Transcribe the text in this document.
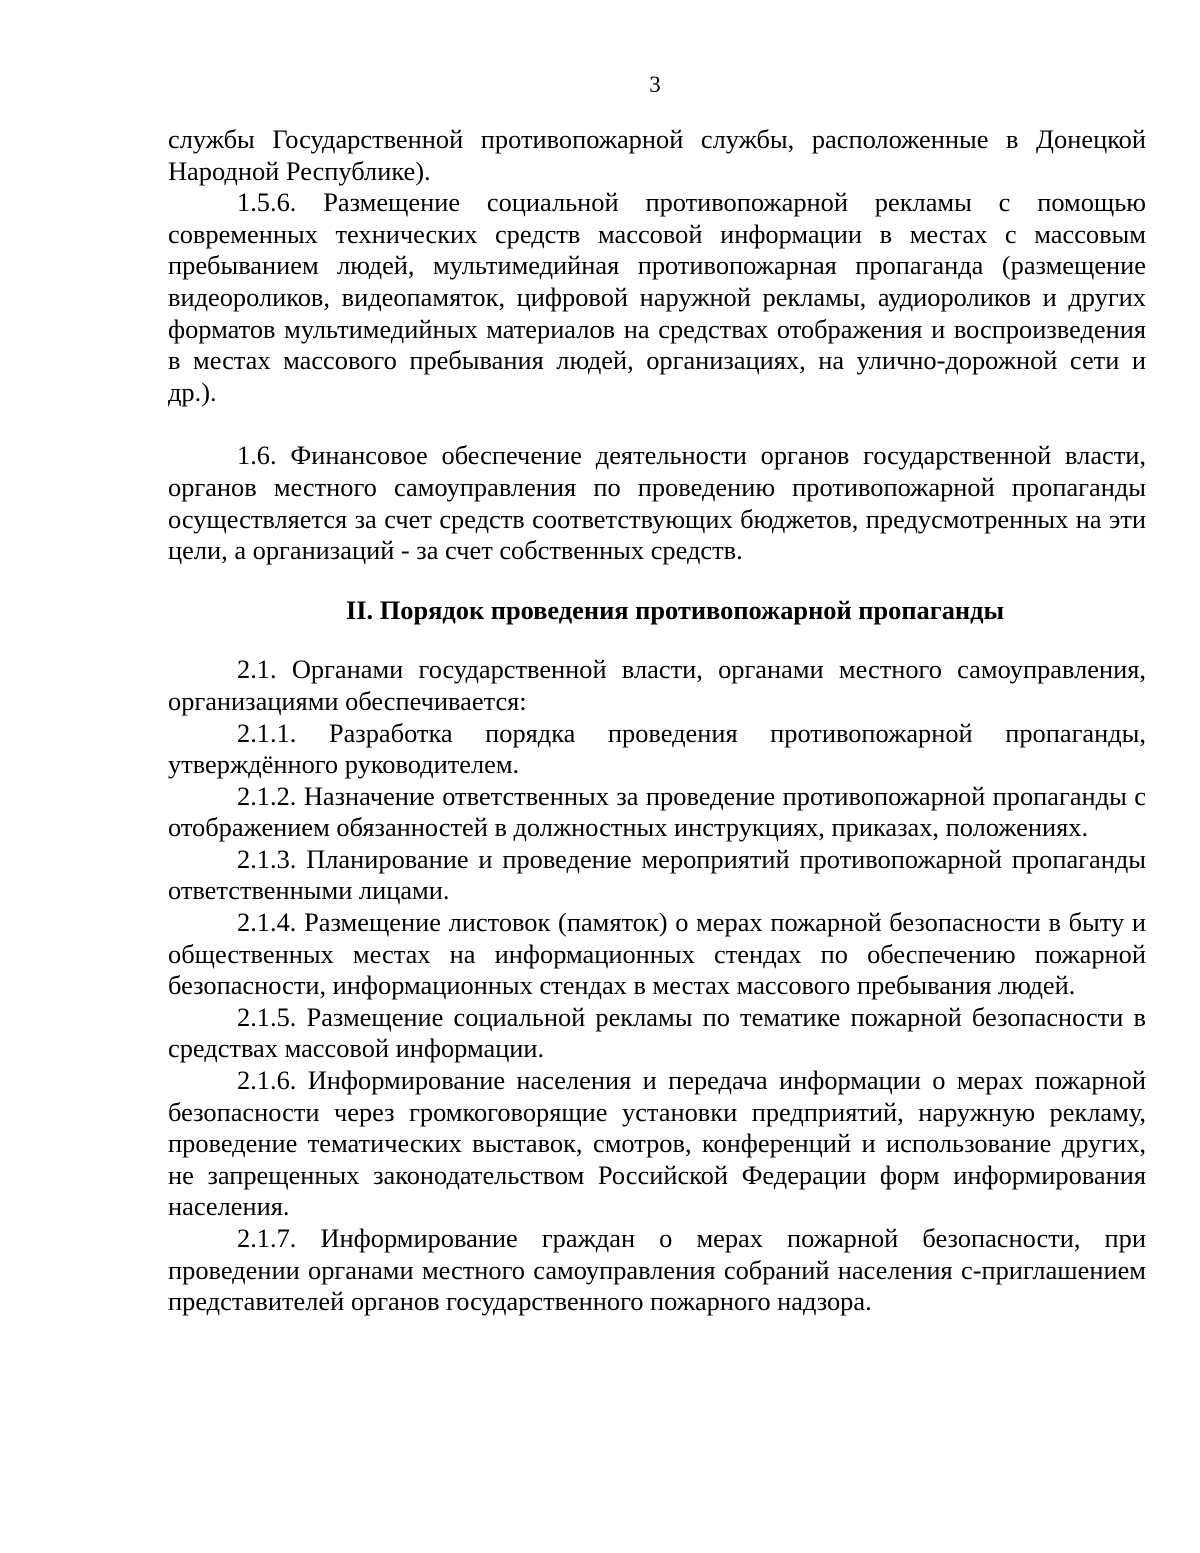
3

службы Государственной противопожарной службы, расположенные в Донецкой Народной Республике).

1.5.6. Размещение социальной противопожарной рекламы с помощью современных технических средств массовой информации в местах с массовым пребыванием людей, мультимедийная противопожарная пропаганда (размещение видеороликов, видеопамяток, цифровой наружной рекламы, аудиороликов и других форматов мультимедийных материалов на средствах отображения и воспроизведения в местах массового пребывания людей, организациях, на улично-дорожной сети и др.).

1.6. Финансовое обеспечение деятельности органов государственной власти, органов местного самоуправления по проведению противопожарной пропаганды осуществляется за счет средств соответствующих бюджетов, предусмотренных на эти цели, а организаций - за счет собственных средств.

II. Порядок проведения противопожарной пропаганды

2.1. Органами государственной власти, органами местного самоуправления, организациями обеспечивается:

2.1.1. Разработка порядка проведения противопожарной пропаганды, утверждённого руководителем.

2.1.2. Назначение ответственных за проведение противопожарной пропаганды с отображением обязанностей в должностных инструкциях, приказах, положениях.

2.1.3. Планирование и проведение мероприятий противопожарной пропаганды ответственными лицами.

2.1.4. Размещение листовок (памяток) о мерах пожарной безопасности в быту и общественных местах на информационных стендах по обеспечению пожарной безопасности, информационных стендах в местах массового пребывания людей.

2.1.5. Размещение социальной рекламы по тематике пожарной безопасности в средствах массовой информации.

2.1.6. Информирование населения и передача информации о мерах пожарной безопасности через громкоговорящие установки предприятий, наружную рекламу, проведение тематических выставок, смотров, конференций и использование других, не запрещенных законодательством Российской Федерации форм информирования населения.

2.1.7. Информирование граждан о мерах пожарной безопасности, при проведении органами местного самоуправления собраний населения с-приглашением представителей органов государственного пожарного надзора.
